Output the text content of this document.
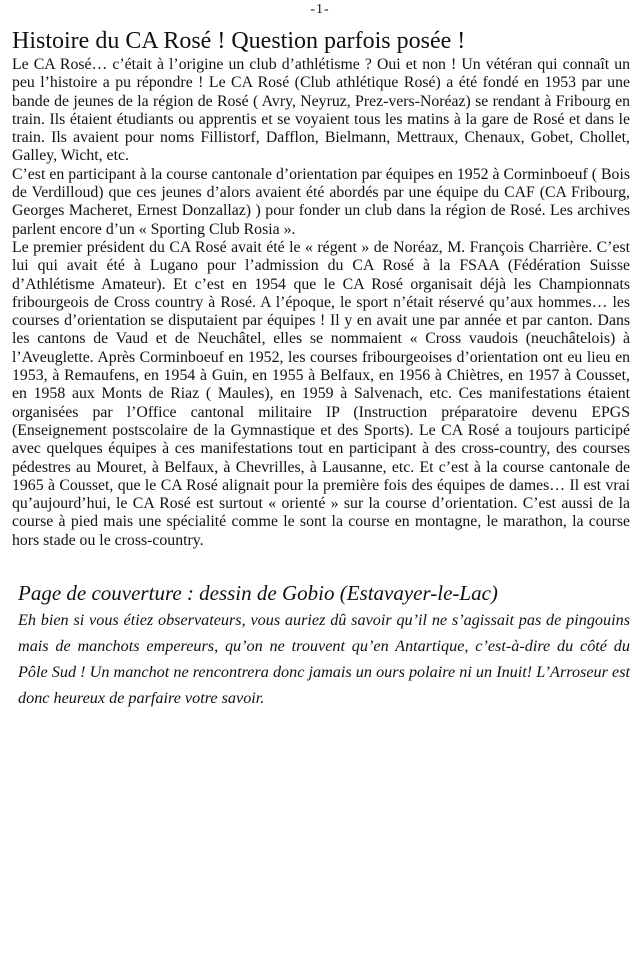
-1-
Histoire du CA Rosé ! Question parfois posée !

Le CA Rosé… c’était à l’origine un club d’athlétisme ? Oui et non ! Un vétéran qui connaît un peu l’histoire a pu répondre ! Le CA Rosé (Club athlétique Rosé) a été fondé en 1953 par une bande de jeunes de la région de Rosé ( Avry, Neyruz, Prez-vers-Noréaz) se rendant à Fribourg en train. Ils étaient étudiants ou apprentis et se voyaient tous les matins à la gare de Rosé et dans le train. Ils avaient pour noms Fillistorf, Dafflon, Bielmann, Mettraux, Chenaux, Gobet, Chollet, Galley, Wicht, etc.

C’est en participant à la course cantonale d’orientation par équipes en 1952 à Corminboeuf ( Bois de Verdilloud) que ces jeunes d’alors avaient été abordés par une équipe du CAF (CA Fribourg, Georges Macheret, Ernest Donzallaz) ) pour fonder un club dans la région de Rosé. Les archives parlent encore d’un « Sporting Club Rosia ».

Le premier président du CA Rosé avait été le « régent » de Noréaz, M. François Charrière. C’est lui qui avait été à Lugano pour l’admission du CA Rosé à la FSAA (Fédération Suisse d’Athlétisme Amateur). Et c’est en 1954 que le CA Rosé organisait déjà les Championnats fribourgeois de Cross country à Rosé. A l’époque, le sport n’était réservé qu’aux hommes… les courses d’orientation se disputaient par équipes ! Il y en avait une par année et par canton. Dans les cantons de Vaud et de Neuchâtel, elles se nommaient « Cross vaudois (neuchâtelois) à l’Aveuglette. Après Corminboeuf en 1952, les courses fribourgeoises d’orientation ont eu lieu en 1953, à Remaufens, en 1954 à Guin, en 1955 à Belfaux, en 1956 à Chiètres, en 1957 à Cousset, en 1958 aux Monts de Riaz ( Maules), en 1959 à Salvenach, etc. Ces manifestations étaient organisées par l’Office cantonal militaire IP (Instruction préparatoire devenu EPGS (Enseignement postscolaire de la Gymnastique et des Sports). Le CA Rosé a toujours participé avec quelques équipes à ces manifestations tout en participant à des cross-country, des courses pédestres au Mouret, à Belfaux, à Chevrilles, à Lausanne, etc. Et c’est à la course cantonale de 1965 à Cousset, que le CA Rosé alignait pour la première fois des équipes de dames… Il est vrai qu’aujourd’hui, le CA Rosé est surtout « orienté » sur la course d’orientation. C’est aussi de la course à pied mais une spécialité comme le sont la course en montagne, le marathon, la course hors stade ou le cross-country.

Page de couverture : dessin de Gobio (Estavayer-le-Lac)

Eh bien si vous étiez observateurs, vous auriez dû savoir qu’il ne s’agissait pas de pingouins mais de manchots empereurs, qu’on ne trouvent qu’en Antartique, c’est-à-dire du côté du Pôle Sud ! Un manchot ne rencontrera donc jamais un ours polaire ni un Inuit! L’Arroseur est donc heureux de parfaire votre savoir.
